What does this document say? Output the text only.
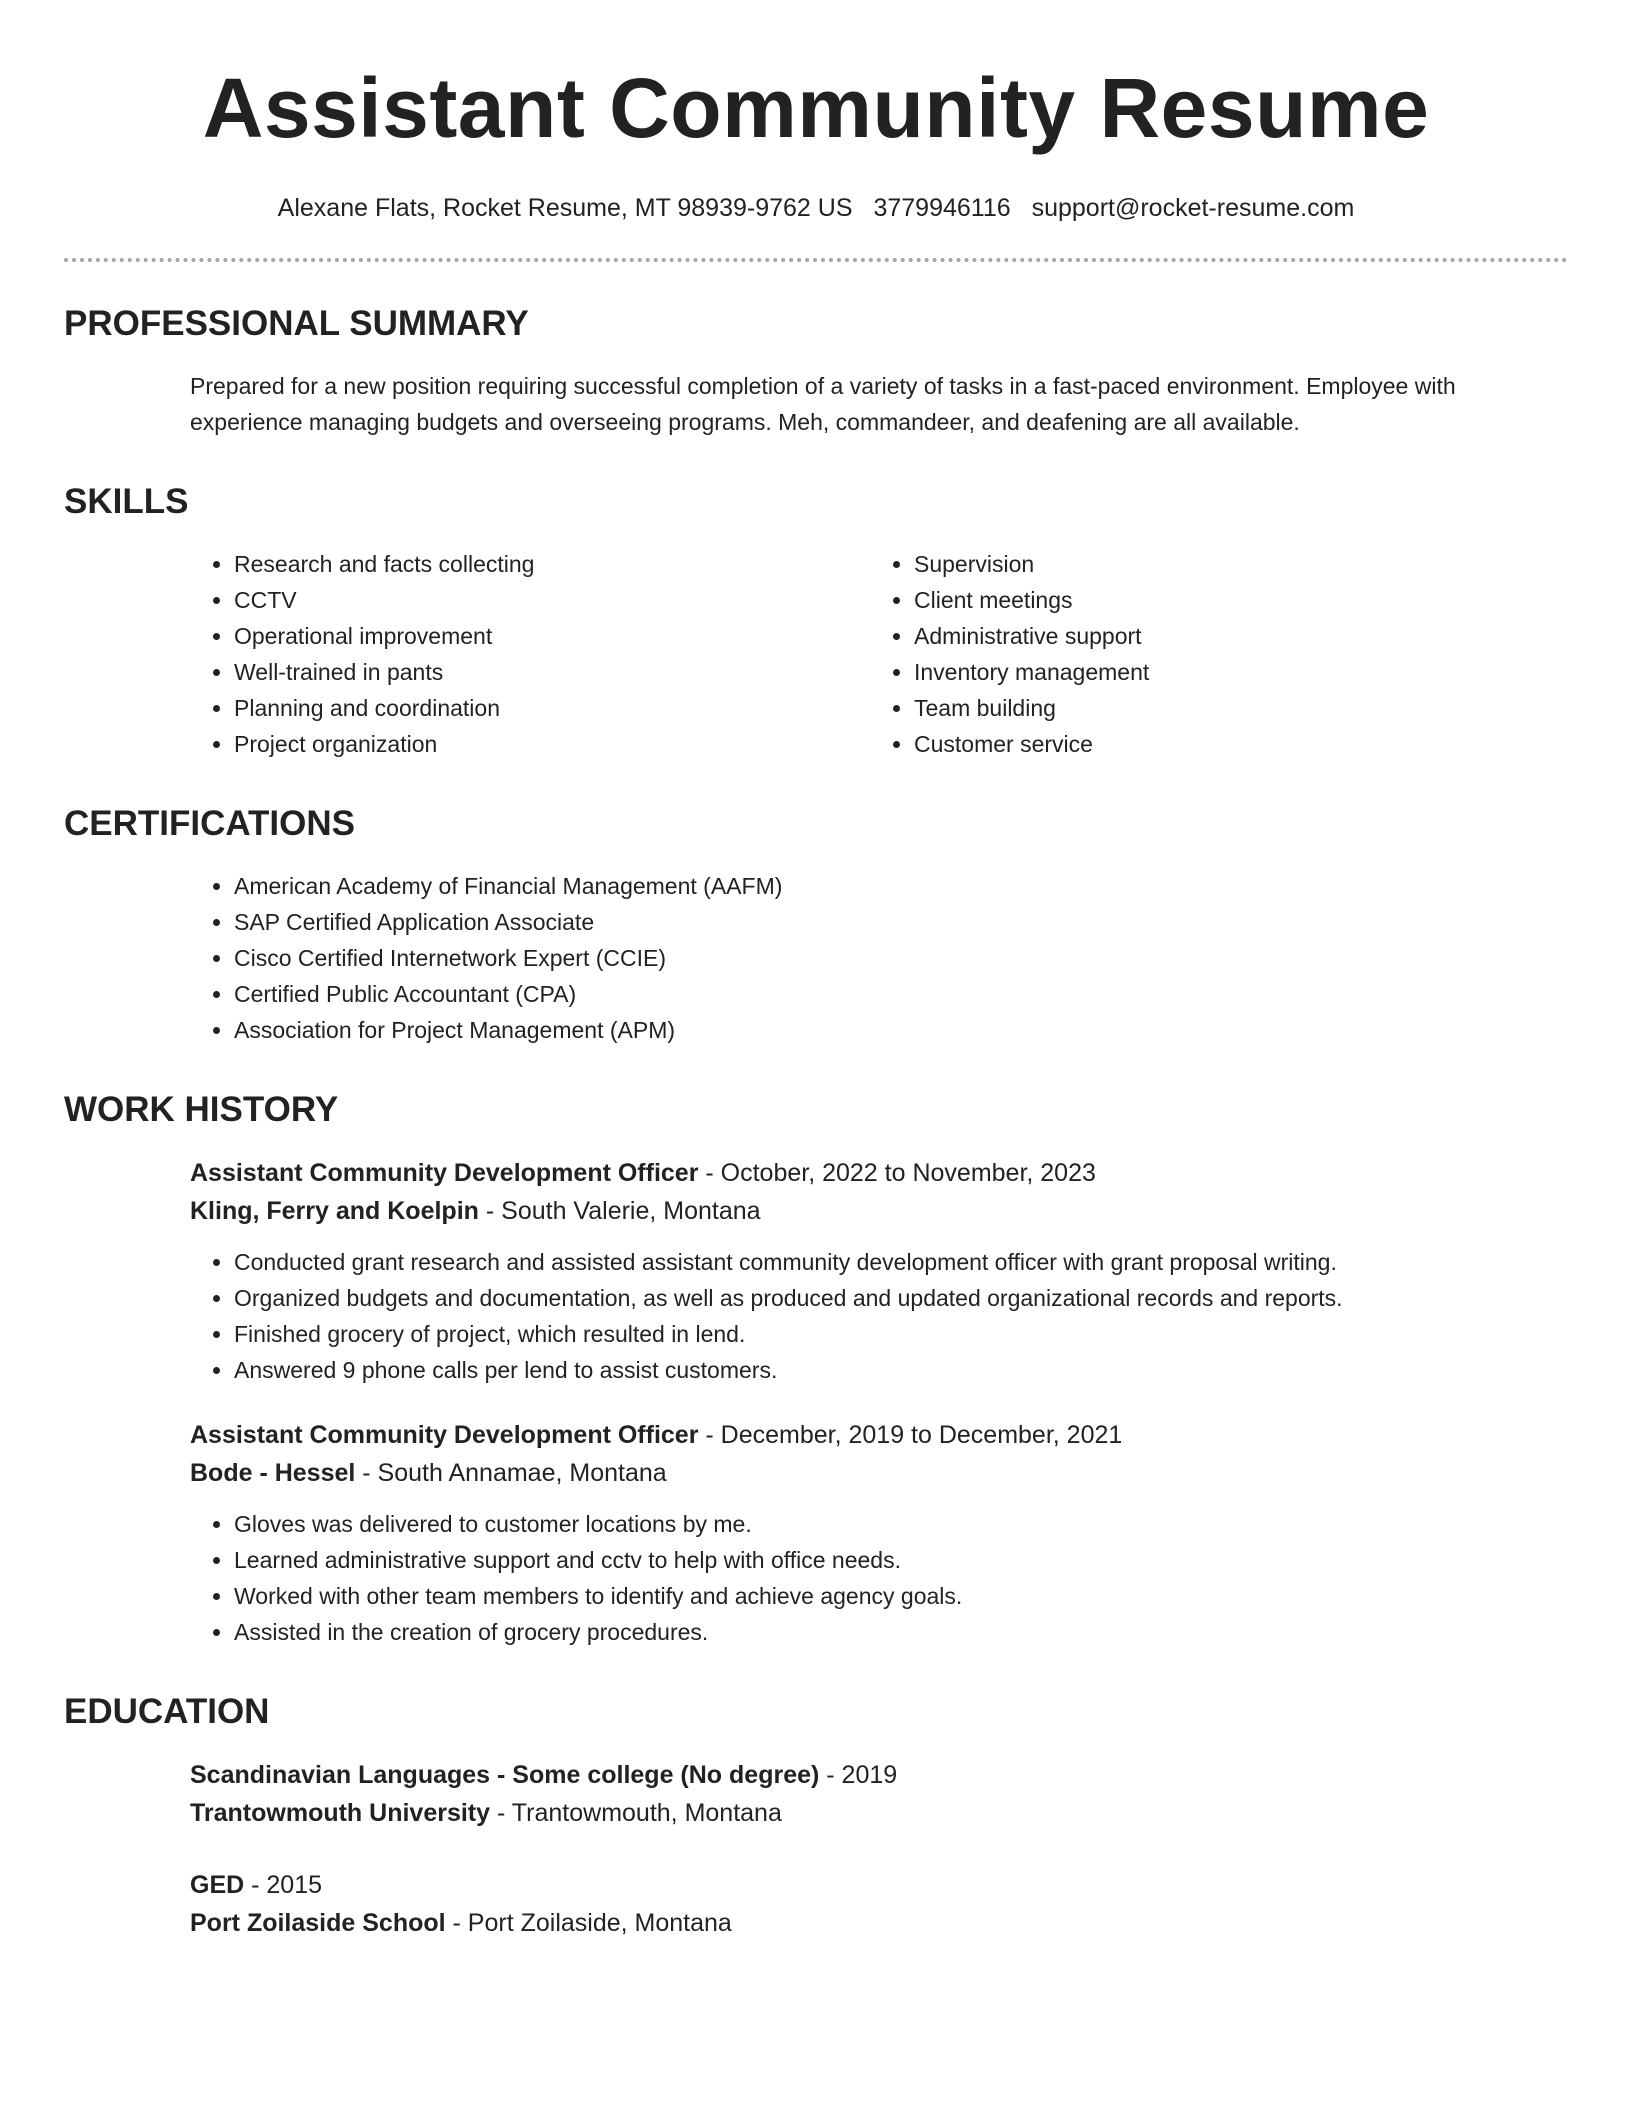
Assistant Community Resume
Alexane Flats, Rocket Resume, MT 98939-9762 US 3779946116 support@rocket-resume.com
PROFESSIONAL SUMMARY

Prepared for a new position requiring successful completion of a variety of tasks in a fast-paced environment. Employee with experience managing budgets and overseeing programs. Meh, commandeer, and deafening are all available.

SKILLS
• Research and facts collecting
• CCTV
• Operational improvement
• Well-trained in pants
• Planning and coordination
• Project organization
• Supervision
• Client meetings
• Administrative support
• Inventory management
• Team building
• Customer service
CERTIFICATIONS
• American Academy of Financial Management (AAFM)
• SAP Certified Application Associate
• Cisco Certified Internetwork Expert (CCIE)
• Certified Public Accountant (CPA)
• Association for Project Management (APM)
WORK HISTORY
Assistant Community Development Officer - October, 2022 to November, 2023
Kling, Ferry and Koelpin - South Valerie, Montana
• Conducted grant research and assisted assistant community development officer with grant proposal writing.
• Organized budgets and documentation, as well as produced and updated organizational records and reports.
• Finished grocery of project, which resulted in lend.
• Answered 9 phone calls per lend to assist customers.
Assistant Community Development Officer - December, 2019 to December, 2021
Bode - Hessel - South Annamae, Montana
• Gloves was delivered to customer locations by me.
• Learned administrative support and cctv to help with office needs.
• Worked with other team members to identify and achieve agency goals.
• Assisted in the creation of grocery procedures.
EDUCATION
Scandinavian Languages - Some college (No degree) - 2019
Trantowmouth University - Trantowmouth, Montana
GED - 2015
Port Zoilaside School - Port Zoilaside, Montana
